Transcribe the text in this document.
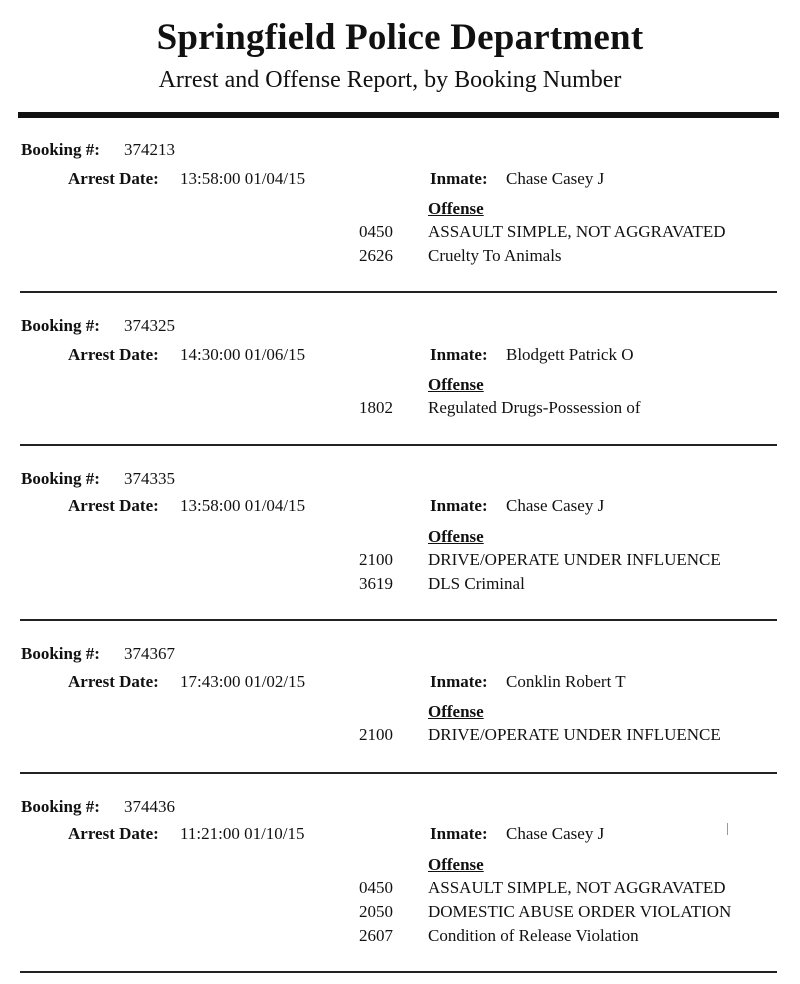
Springfield Police Department
Arrest and Offense Report, by Booking Number
Booking #: 374213
Arrest Date: 13:58:00 01/04/15	Inmate: Chase Casey J
Offense
0450 ASSAULT SIMPLE, NOT AGGRAVATED
2626 Cruelty To Animals
Booking #: 374325
Arrest Date: 14:30:00 01/06/15	Inmate: Blodgett Patrick O
Offense
1802 Regulated Drugs-Possession of
Booking #: 374335
Arrest Date: 13:58:00 01/04/15	Inmate: Chase Casey J
Offense
2100 DRIVE/OPERATE UNDER INFLUENCE
3619 DLS Criminal
Booking #: 374367
Arrest Date: 17:43:00 01/02/15	Inmate: Conklin Robert T
Offense
2100 DRIVE/OPERATE UNDER INFLUENCE
Booking #: 374436
Arrest Date: 11:21:00 01/10/15	Inmate: Chase Casey J
Offense
0450 ASSAULT SIMPLE, NOT AGGRAVATED
2050 DOMESTIC ABUSE ORDER VIOLATION
2607 Condition of Release Violation
